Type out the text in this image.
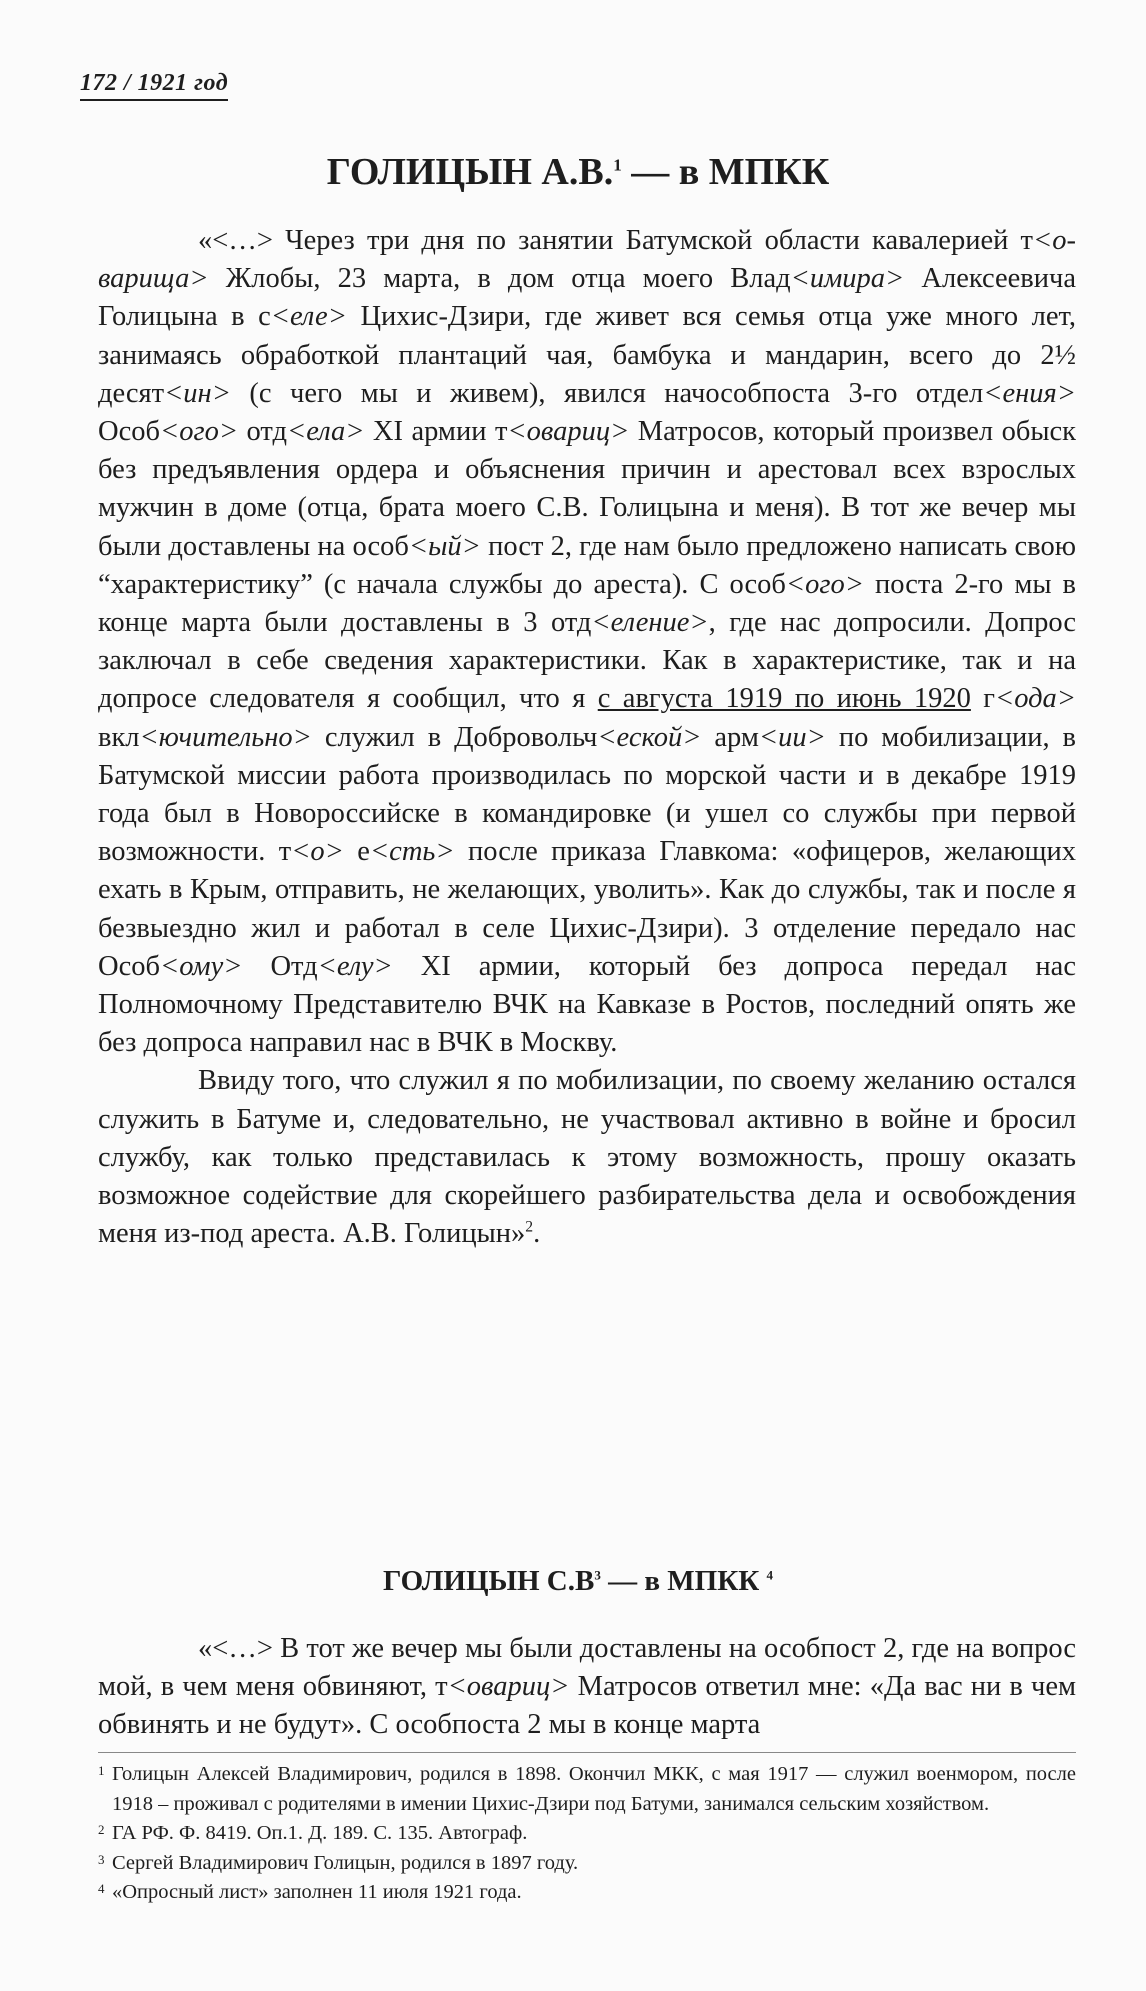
172 / 1921 год
ГОЛИЦЫН А.В.$^1$ — в МПКК

«<…> Через три дня по занятии Батумской области кавалерией т<оварища> Жлобы, 23 марта, в дом отца моего Влад<имира> Алексеевича Голицына в с<еле> Цихис-Дзири, где живет вся семья отца уже много лет, занимаясь обработкой плантаций чая, бамбука и мандарин, всего до 2½ десят<ин> (с чего мы и живем), явился начособпоста 3-го отдел<ения> Особ<ого> отд<ела> XI армии т<овариц> Матросов, который произвел обыск без предъявления ордера и объяснения причин и арестовал всех взрослых мужчин в доме (отца, брата моего С.В. Голицына и меня). В тот же вечер мы были доставлены на особ<ый> пост 2, где нам было предложено написать свою “характеристику” (с начала службы до ареста). С особ<ого> поста 2-го мы в конце марта были доставлены в 3 отд<еление>, где нас допросили. Допрос заключал в себе сведения характеристики. Как в характеристике, так и на допросе следователя я сообщил, что я с августа 1919 по июнь 1920 г<ода> вкл<ючительно> служил в Добровольч<еской> арм<ии> по мобилизации, в Батумской миссии работа производилась по морской части и в декабре 1919 года был в Новороссийске в командировке (и ушел со службы при первой возможности. т<о> е<сть> после приказа Главкома: «офицеров, желающих ехать в Крым, отправить, не желающих, уволить». Как до службы, так и после я безвыездно жил и работал в селе Цихис-Дзири). 3 отделение передало нас Особ<ому> Отд<елу> XI армии, который без допроса передал нас Полномочному Представителю ВЧК на Кавказе в Ростов, последний опять же без допроса направил нас в ВЧК в Москву.

Ввиду того, что служил я по мобилизации, по своему желанию остался служить в Батуме и, следовательно, не участвовал активно в войне и бросил службу, как только представилась к этому возможность, прошу оказать возможное содействие для скорейшего разбирательства дела и освобождения меня из-под ареста. А.В. Голицын»$^2$.

ГОЛИЦЫН $С.В^3$ — в МПКК $^4$

«<…> В тот же вечер мы были доставлены на особпост 2, где на вопрос мой, в чем меня обвиняют, т<овариц> Матросов ответил мне: «Да вас ни в чем обвинять и не будут». С особпоста 2 мы в конце марта

1 Голицын Алексей Владимирович, родился в 1898. Окончил МКК, с мая 1917 — служил военмором, после 1918 – проживал с родителями в имении Цихис-Дзири под Батуми, занимался сельским хозяйством.

2 ГА РФ. Ф. 8419. Оп.1. Д. 189. С. 135. Автограф.

3 Сергей Владимирович Голицын, родился в 1897 году.

4 «Опросный лист» заполнен 11 июля 1921 года.
